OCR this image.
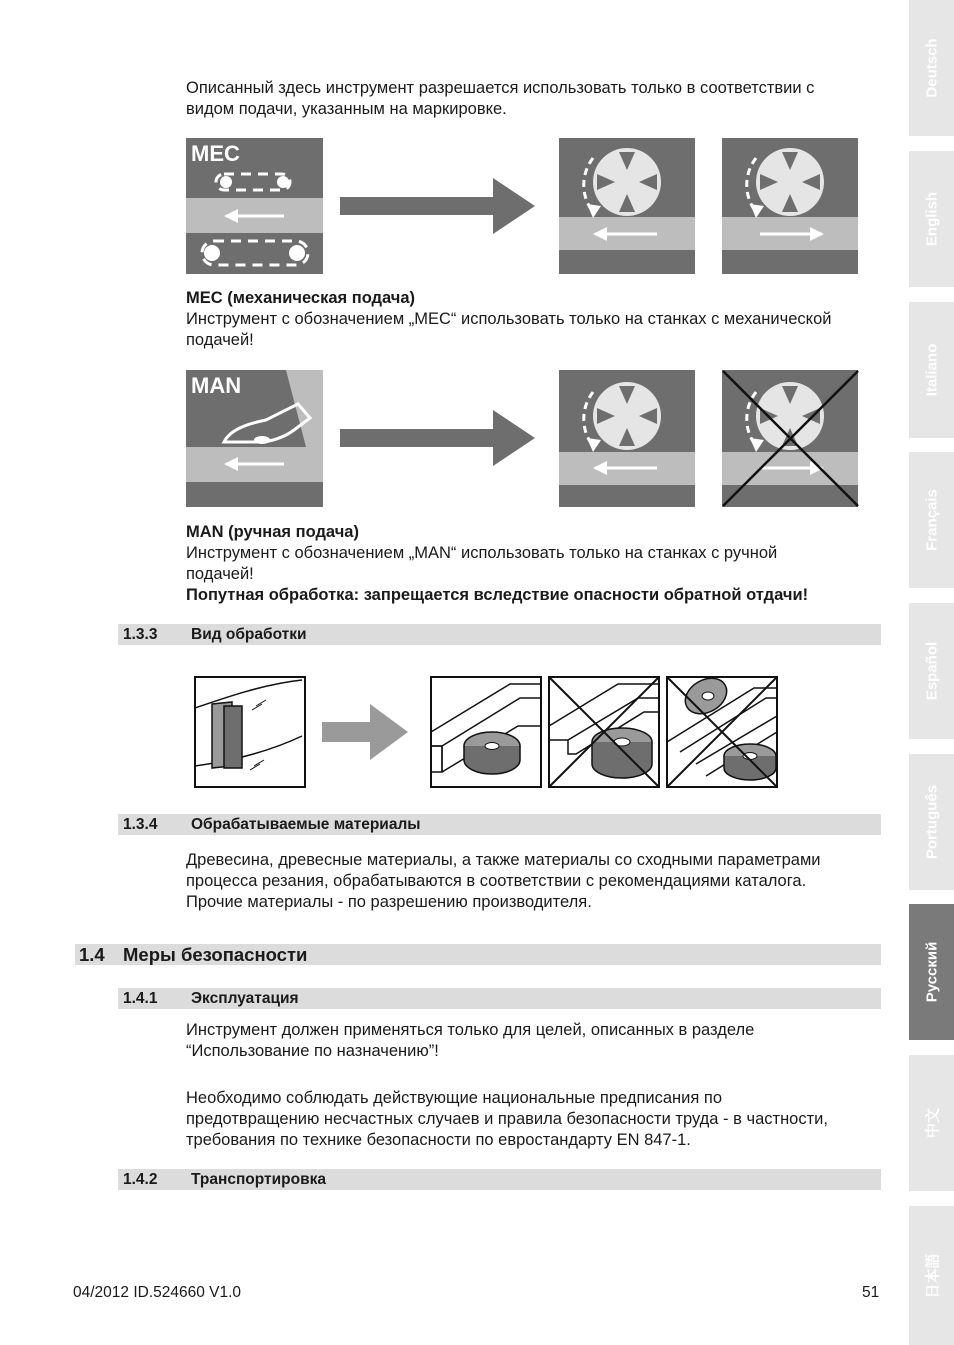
Описанный здесь инструмент разрешается использовать только в соответствии с
видом подачи, указанным на маркировке.
MEC
MEC (механическая подача)
Инструмент с обозначением „MEC“ использовать только на станках с механической
подачей!
MAN
MAN (ручная подача)
Инструмент с обозначением „MAN“ использовать только на станках с ручной
подачей!
Попутная обработка: запрещается вследствие опасности обратной отдачи!
1.3.3 Вид обработки
1.3.4 Обрабатываемые материалы
Древесина, древесные материалы, а также материалы со сходными параметрами
процесса резания, обрабатываются в соответствии с рекомендациями каталога.
Прочие материалы - по разрешению производителя.
1.4 Меры безопасности
1.4.1 Эксплуатация
Инструмент должен применяться только для целей, описанных в разделе
“Использование по назначению”!
Необходимо соблюдать действующие национальные предписания по
предотвращению несчастных случаев и правила безопасности труда - в частности,
требования по технике безопасности по евростандарту EN 847-1.
1.4.2 Транспортировка
04/2012 ID.524660 V1.0	51
Deutsch
English
Italiano
Français
Español
Português
Русский
中文
日本語
